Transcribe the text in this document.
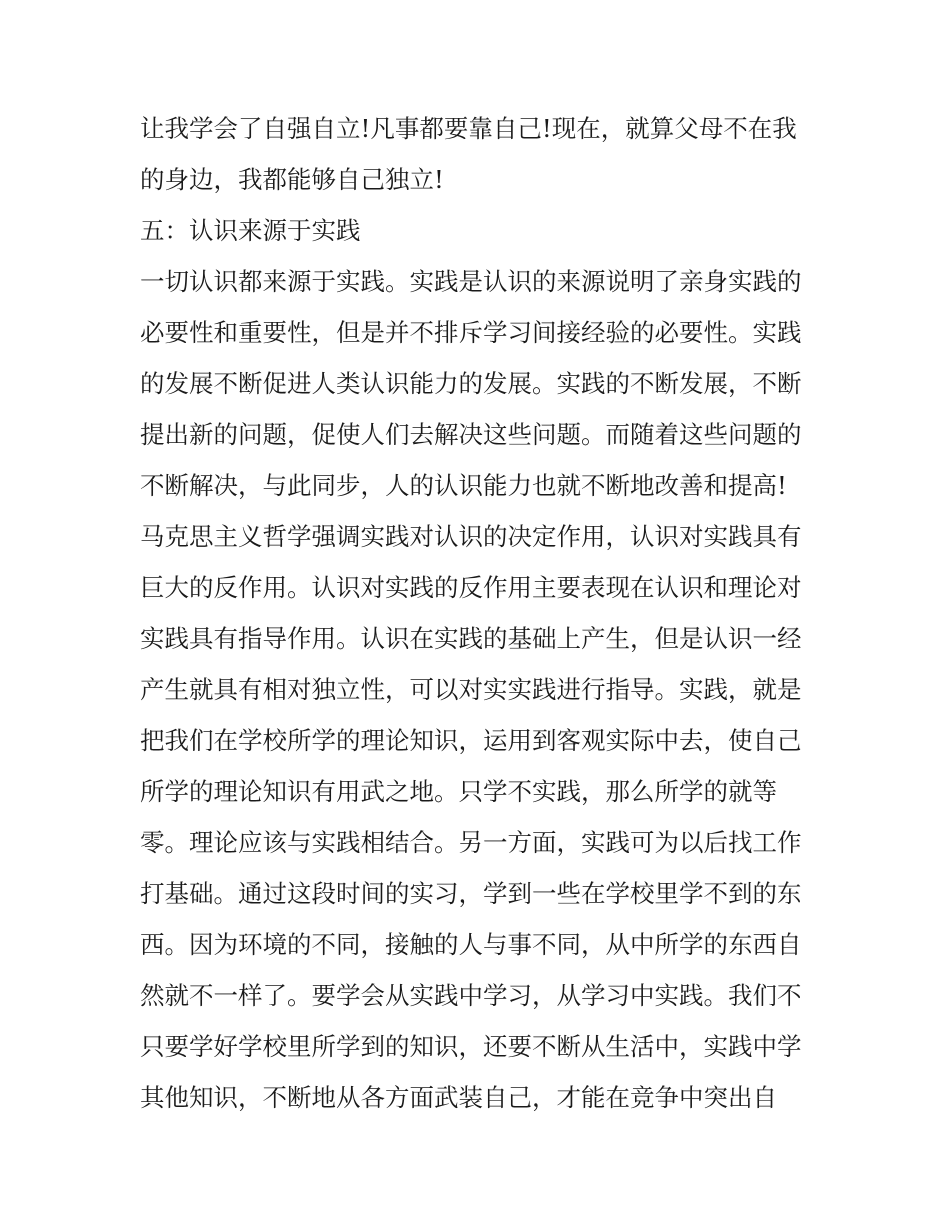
让我学会了自强自立!凡事都要靠自己!现在，就算父母不在我
的身边，我都能够自己独立!
五：认识来源于实践
一切认识都来源于实践。实践是认识的来源说明了亲身实践的
必要性和重要性，但是并不排斥学习间接经验的必要性。实践
的发展不断促进人类认识能力的发展。实践的不断发展，不断
提出新的问题，促使人们去解决这些问题。而随着这些问题的
不断解决，与此同步，人的认识能力也就不断地改善和提高!
马克思主义哲学强调实践对认识的决定作用，认识对实践具有
巨大的反作用。认识对实践的反作用主要表现在认识和理论对
实践具有指导作用。认识在实践的基础上产生，但是认识一经
产生就具有相对独立性，可以对实实践进行指导。实践，就是
把我们在学校所学的理论知识，运用到客观实际中去，使自己
所学的理论知识有用武之地。只学不实践，那么所学的就等
零。理论应该与实践相结合。另一方面，实践可为以后找工作
打基础。通过这段时间的实习，学到一些在学校里学不到的东
西。因为环境的不同，接触的人与事不同，从中所学的东西自
然就不一样了。要学会从实践中学习，从学习中实践。我们不
只要学好学校里所学到的知识，还要不断从生活中，实践中学
其他知识，不断地从各方面武装自己，才能在竞争中突出自
